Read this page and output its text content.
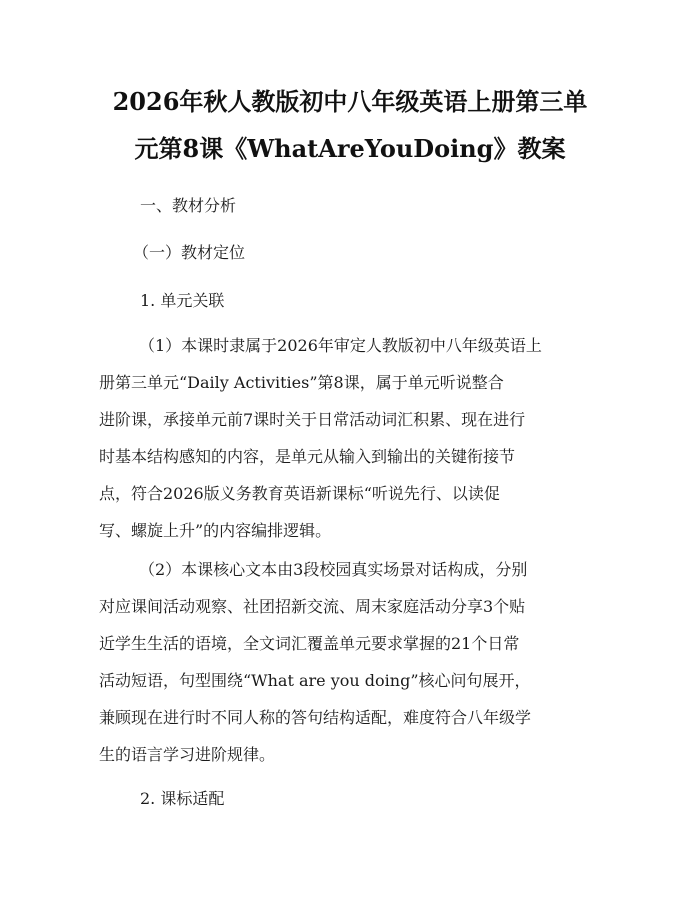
2026年秋人教版初中八年级英语上册第三单
元第8课《WhatAreYouDoing》教案

一、教材分析

（一）教材定位

1. 单元关联

（1）本课时隶属于2026年审定人教版初中八年级英语上
册第三单元“Daily Activities”第8课，属于单元听说整合
进阶课，承接单元前7课时关于日常活动词汇积累、现在进行
时基本结构感知的内容，是单元从输入到输出的关键衔接节
点，符合2026版义务教育英语新课标“听说先行、以读促
写、螺旋上升”的内容编排逻辑。

（2）本课核心文本由3段校园真实场景对话构成，分别
对应课间活动观察、社团招新交流、周末家庭活动分享3个贴
近学生生活的语境，全文词汇覆盖单元要求掌握的21个日常
活动短语，句型围绕“What are you doing”核心问句展开，
兼顾现在进行时不同人称的答句结构适配，难度符合八年级学
生的语言学习进阶规律。

2. 课标适配
